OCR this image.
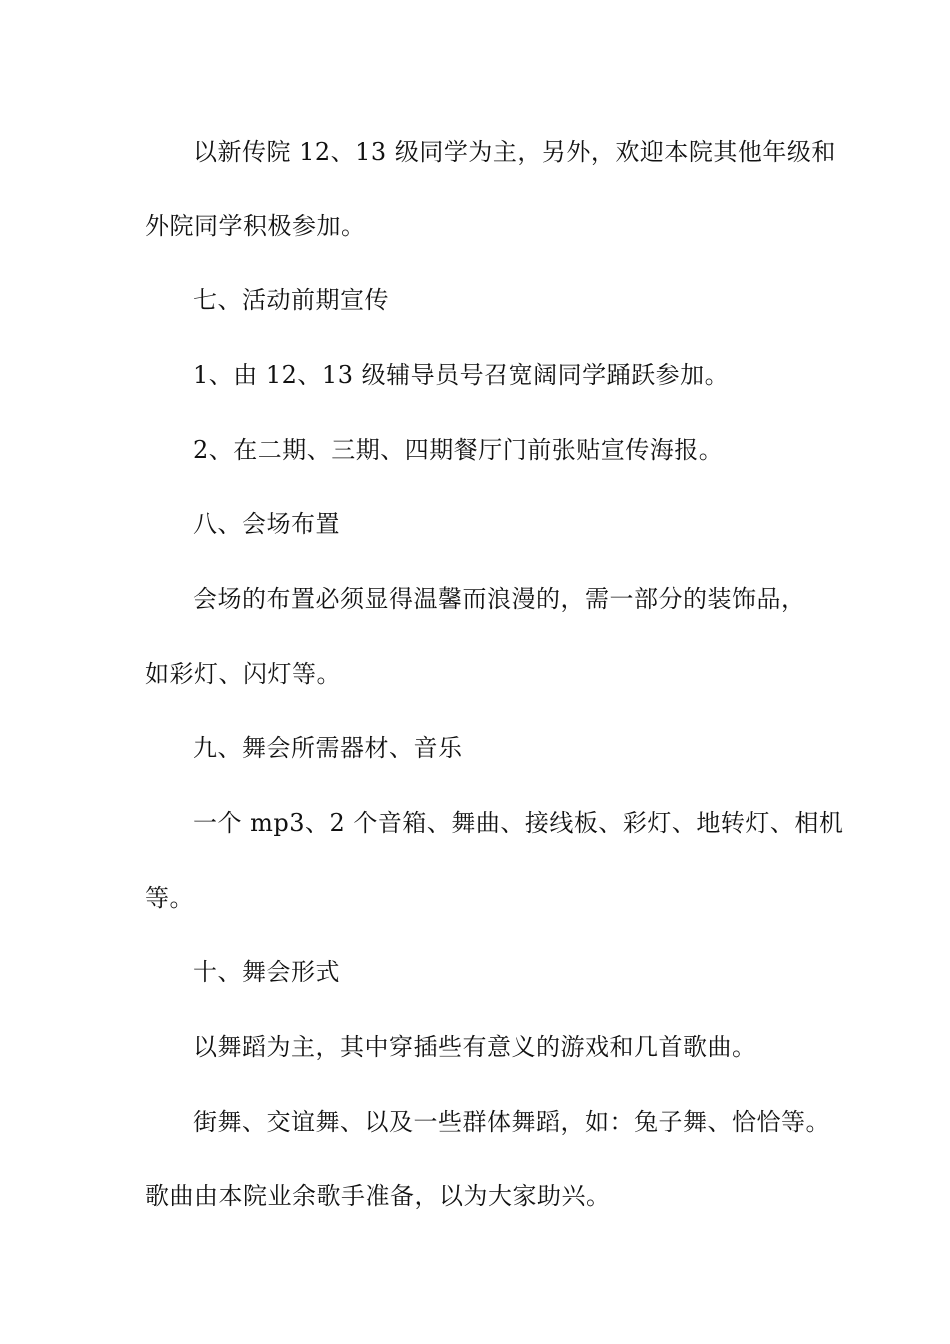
以新传院 12、13 级同学为主，另外，欢迎本院其他年级和
外院同学积极参加。
七、活动前期宣传
1、由 12、13 级辅导员号召宽阔同学踊跃参加。
2、在二期、三期、四期餐厅门前张贴宣传海报。
八、会场布置
会场的布置必须显得温馨而浪漫的，需一部分的装饰品，
如彩灯、闪灯等。
九、舞会所需器材、音乐
一个 mp3、2 个音箱、舞曲、接线板、彩灯、地转灯、相机
等。
十、舞会形式
以舞蹈为主，其中穿插些有意义的游戏和几首歌曲。
街舞、交谊舞、以及一些群体舞蹈，如：兔子舞、恰恰等。
歌曲由本院业余歌手准备，以为大家助兴。
